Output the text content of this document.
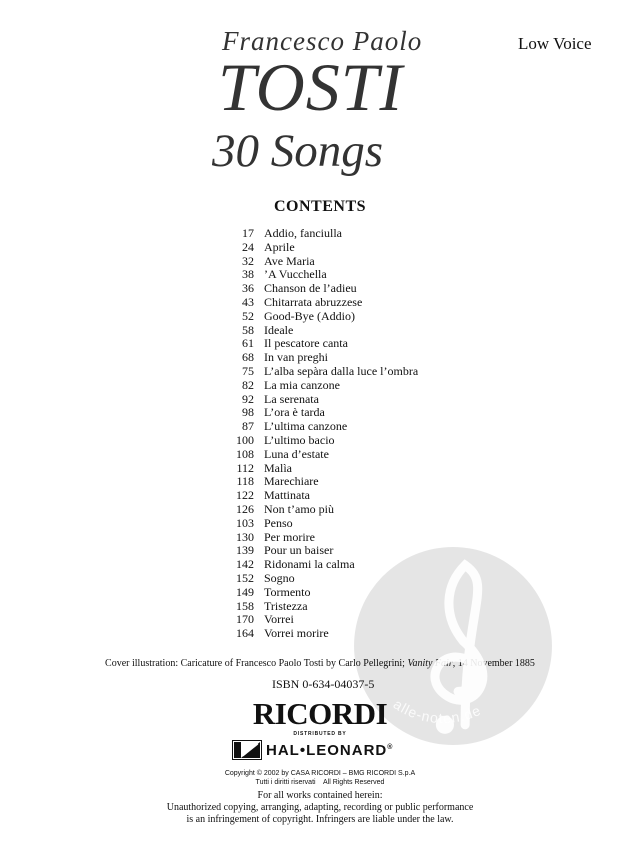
Francesco Paolo
TOSTI
30 Songs
Low Voice
CONTENTS
17 Addio, fanciulla
24 Aprile
32 Ave Maria
38 ’A Vucchella
36 Chanson de l’adieu
43 Chitarrata abruzzese
52 Good-Bye (Addio)
58 Ideale
61 Il pescatore canta
68 In van preghi
75 L’alba sepàra dalla luce l’ombra
82 La mia canzone
92 La serenata
98 L’ora è tarda
87 L’ultima canzone
100 L’ultimo bacio
108 Luna d’estate
112 Malìa
118 Marechiare
122 Mattinata
126 Non t’amo più
103 Penso
130 Per morire
139 Pour un baiser
142 Ridonami la calma
152 Sogno
149 Tormento
158 Tristezza
170 Vorrei
164 Vorrei morire
Cover illustration: Caricature of Francesco Paolo Tosti by Carlo Pellegrini; Vanity Fair, 14 November 1885
ISBN 0-634-04037-5
RICORDI
DISTRIBUTED BY
HAL•LEONARD®
Copyright © 2002 by CASA RICORDI – BMG RICORDI S.p.A
Tutti i diritti riservati    All Rights Reserved
For all works contained herein:
Unauthorized copying, arranging, adapting, recording or public performance
is an infringement of copyright. Infringers are liable under the law.
alle-noten.de
